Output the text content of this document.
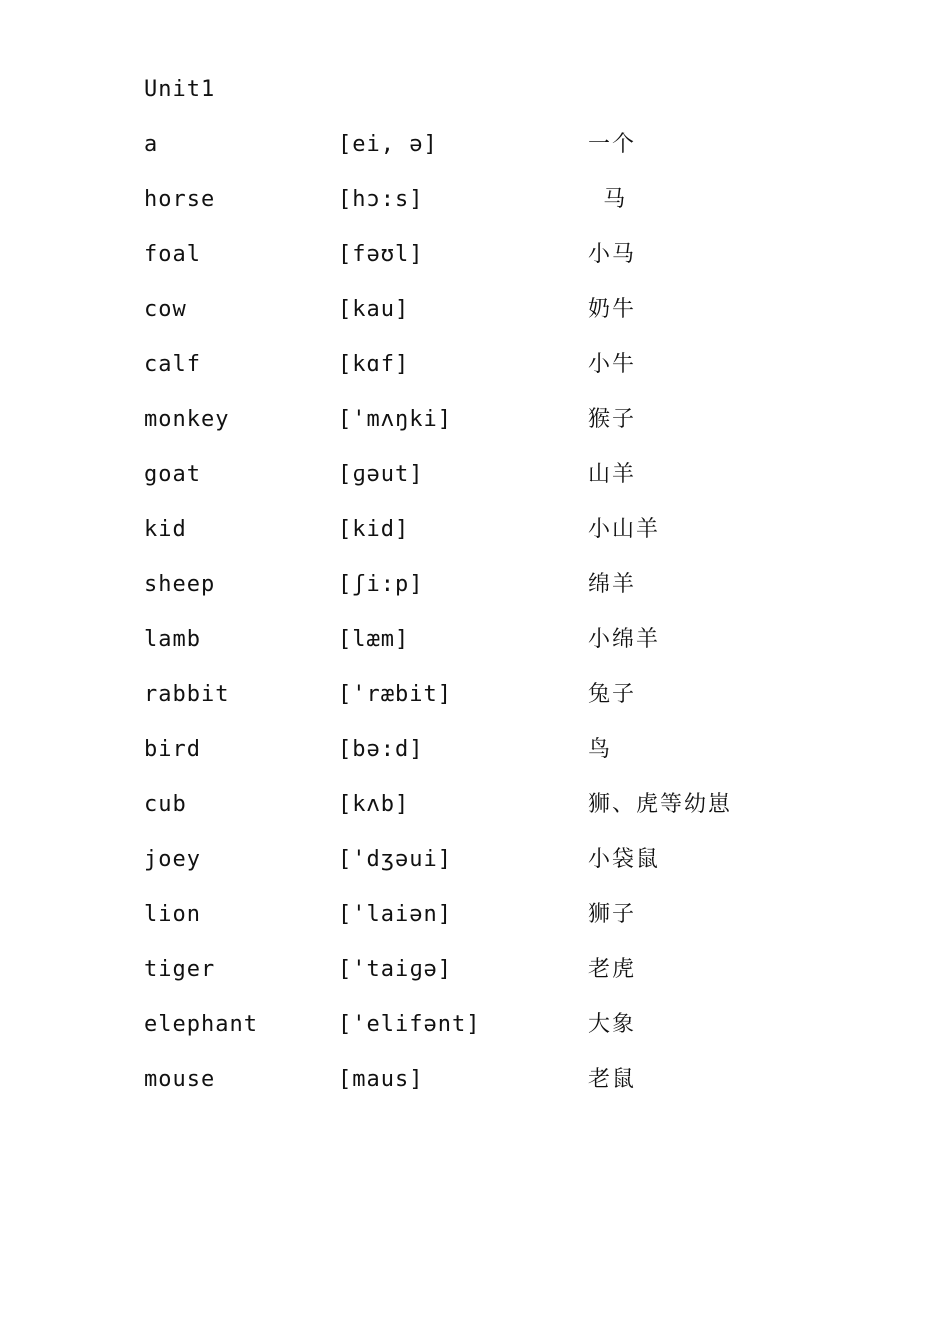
Unit1
a	[ei, ə]	一个
horse	[hɔ:s]	马
foal	[fəʊl]	小马
cow	[kau]	奶牛
calf	[kɑf]	小牛
monkey	['mʌŋki]	猴子
goat	[ɡəut]	山羊
kid	[kid]	小山羊
sheep	[ʃi:p]	绵羊
lamb	[læm]	小绵羊
rabbit	['ræbit]	兔子
bird	[bə:d]	鸟
cub	[kʌb]	狮、虎等幼崽
joey	['dʒəui]	小袋鼠
lion	['laiən]	狮子
tiger	['taiɡə]	老虎
elephant	['elifənt]	大象
mouse	[maus]	老鼠
